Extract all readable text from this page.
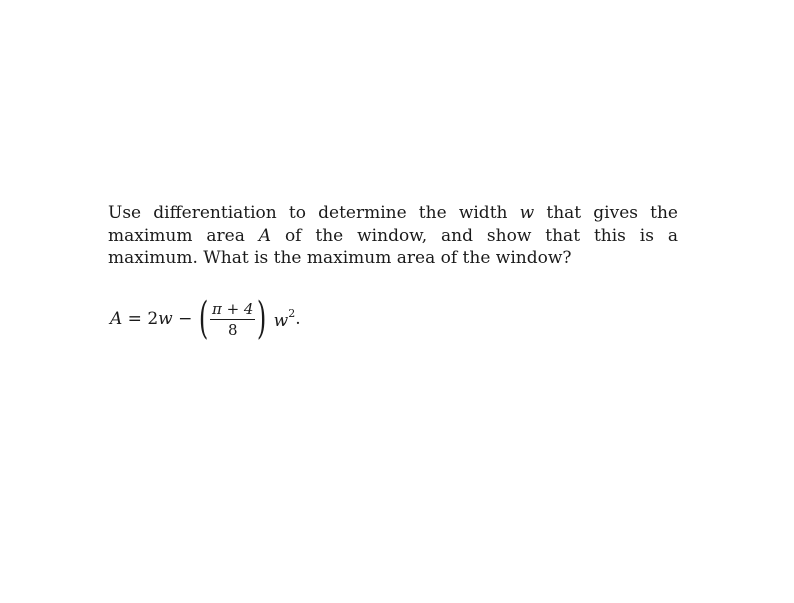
Use differentiation to determine the width w that gives the maximum area A of the window, and show that this is a maximum. What is the maximum area of the window?

A = 2 w − ( $\frac{\pi + 4}{8}$ ) $w^2$ .
